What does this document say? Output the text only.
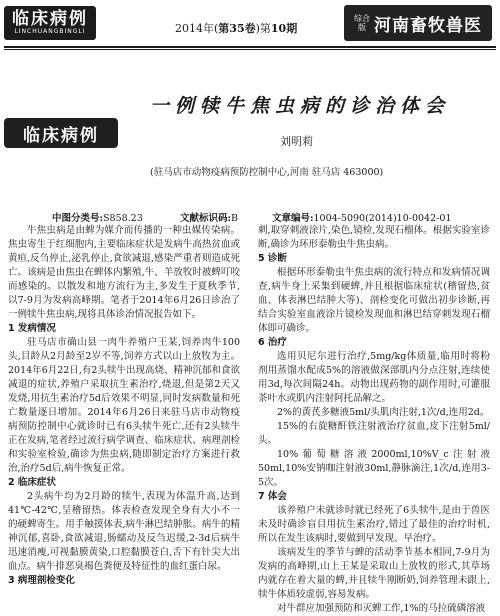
临床病例
LINCHUANGBINGLI	2014年(第35卷)第10期
综合
版 河南畜牧兽医
临床病例
一例犊牛焦虫病的诊治体会
刘明莉
(驻马店市动物疫病预防控制中心,河南 驻马店 463000)
中图分类号:S858.23	文献标识码:B	文章编号:1004-5090(2014)10-0042-01

牛焦虫病是由蜱为媒介而传播的一种虫媒传染病。焦虫寄生于红细胞内,主要临床症状是发病牛高热贫血或黄疸,反刍停止,泌乳停止,食欲减退,感染严重者则造成死亡。该病是由焦虫在蜱体内繁殖,牛、羊放牧时被蜱叮咬而感染的。以散发和地方流行为主,多发生于夏秋季节,以7-9月为发病高峰期。笔者于2014年6月26日诊治了一例犊牛焦虫病,现将具体诊治情况报告如下。

1 发病情况

驻马店市确山县一肉牛养殖户王某,饲养肉牛100头,目龄从2月龄至2岁不等,饲养方式以山上放牧为主。2014年6月22日,有2头犊牛出现高烧、精神沉郁和食欲减退的症状,养殖户采取抗生素治疗,烧退,但是第2天又发烧,用抗生素治疗5d后效果不明显,同时发病数量和死亡数量逐日增加。2014年6月26日来驻马店市动物疫病预防控制中心就诊时已有6头犊牛死亡,还有2头犊牛正在发病,笔者经过流行病学调查、临床症状、病理剖检和实验室检验,确诊为焦虫病,随即制定治疗方案进行救治,治疗5d后,病牛恢复正常。

2 临床症状

2头病牛均为2月龄的犊牛,表现为体温升高,达到41℃-42℃,呈稽留热。体表检查发现全身有大小不一的硬蜱寄生。用手触摸体表,病牛淋巴结肿胀。病牛的精神沉郁,喜卧,食欲减退,肠蠕动及反刍迟缓,2-3d后病牛迅速消瘦,可视黏膜黄染,口腔黏膜苍白,舌下有针尖大出血点。病牛排恶臭褐色粪便及特征性的血红蛋白尿。

3 病理剖检变化

刺,取穿刺液涂片,染色,镜检,发现石榴体。根据实验室诊断,确诊为环形泰勒虫牛焦虫病。

5 诊断

根据环形泰勒虫牛焦虫病的流行特点和发病情况调查,病牛身上采集到硬蜱,并且根据临床症状(稽留热,贫血、体表淋巴结肿大等)、剖检变化可做出初步诊断,再结合实验室血液涂片镜检发现血和淋巴结穿刺发现石榴体即可确诊。

6 治疗

选用贝尼尔进行治疗,5mg/kg体质量,临用时将粉剂用蒸馏水配成5%的溶液做深部肌内分点注射,连续使用3d,每次间隔24h。动物出现药物的副作用时,可灌服茶叶水或肌内注射阿托品解之。

2%的黄芪多糖液5ml/头肌肉注射,1次/d,连用2d。

15%的右旋糖酐铁注射液治疗贫血,皮下注射5ml/头。

10%葡萄糖溶液2000ml,10%V_c注射液50ml,10%安钠咖注射液30ml,静脉滴注,1次/d,连用3-5次。

7 体会

该养殖户未就诊时就已经死了6头犊牛,是由于兽医未及时确诊盲目用抗生素治疗,错过了最佳的治疗时机,所以在发生该病时,要做到早发现、早治疗。

该病发生的季节与蜱的活动季节基本相同,7-9月为发病的高峰期,山上王某是采取山上放牧的形式,其草场内就存在着大量的蜱,并且犊牛刚断奶,饲养管理未跟上,犊牛体质较虚弱,容易发病。

对牛群应加强预防和灭蜱工作,1%的马拉硫磷溶液
